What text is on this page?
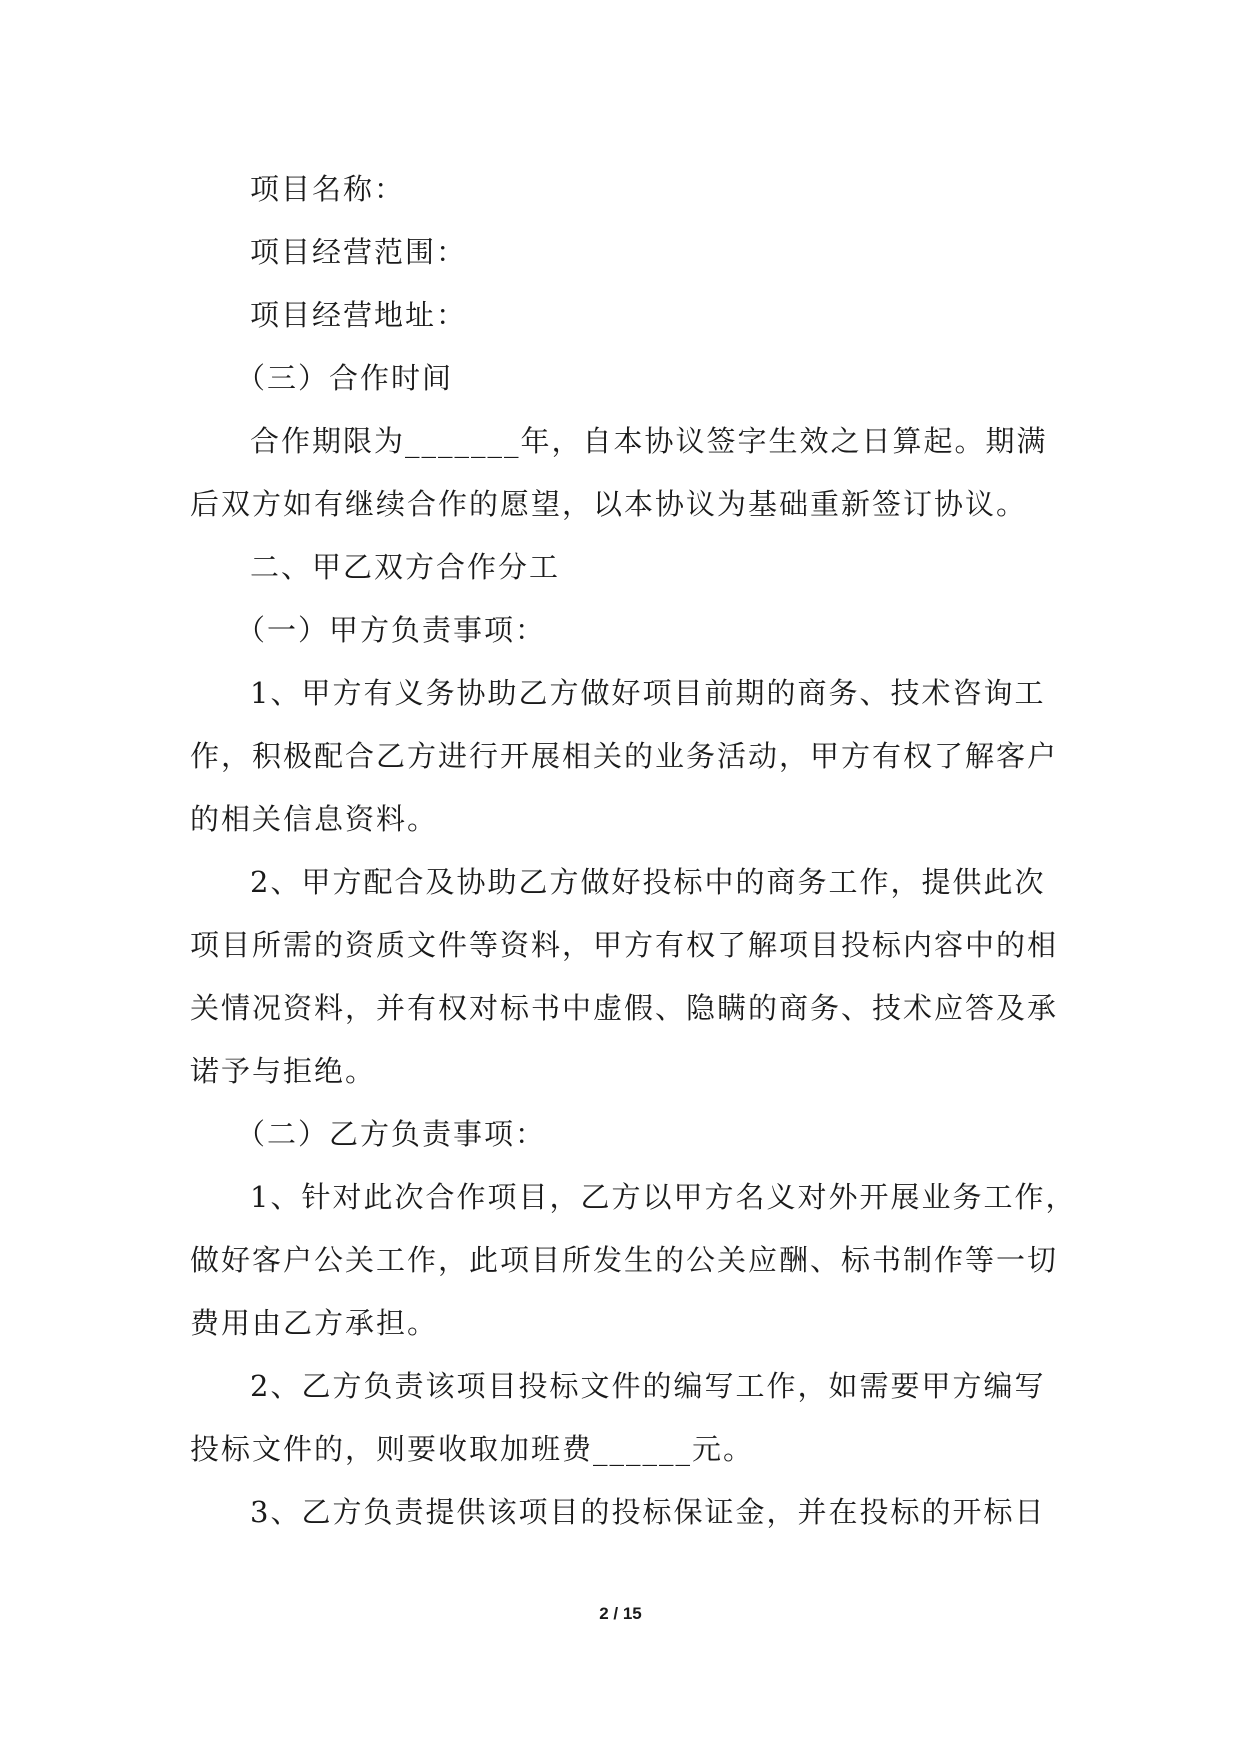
项目名称：
项目经营范围：
项目经营地址：
（三）合作时间
合作期限为_______年，自本协议签字生效之日算起。期满
后双方如有继续合作的愿望，以本协议为基础重新签订协议。
二、甲乙双方合作分工
（一）甲方负责事项：
1、甲方有义务协助乙方做好项目前期的商务、技术咨询工
作，积极配合乙方进行开展相关的业务活动，甲方有权了解客户
的相关信息资料。
2、甲方配合及协助乙方做好投标中的商务工作，提供此次
项目所需的资质文件等资料，甲方有权了解项目投标内容中的相
关情况资料，并有权对标书中虚假、隐瞒的商务、技术应答及承
诺予与拒绝。
（二）乙方负责事项：
1、针对此次合作项目，乙方以甲方名义对外开展业务工作，
做好客户公关工作，此项目所发生的公关应酬、标书制作等一切
费用由乙方承担。
2、乙方负责该项目投标文件的编写工作，如需要甲方编写
投标文件的，则要收取加班费______元。
3、乙方负责提供该项目的投标保证金，并在投标的开标日
2 / 15
